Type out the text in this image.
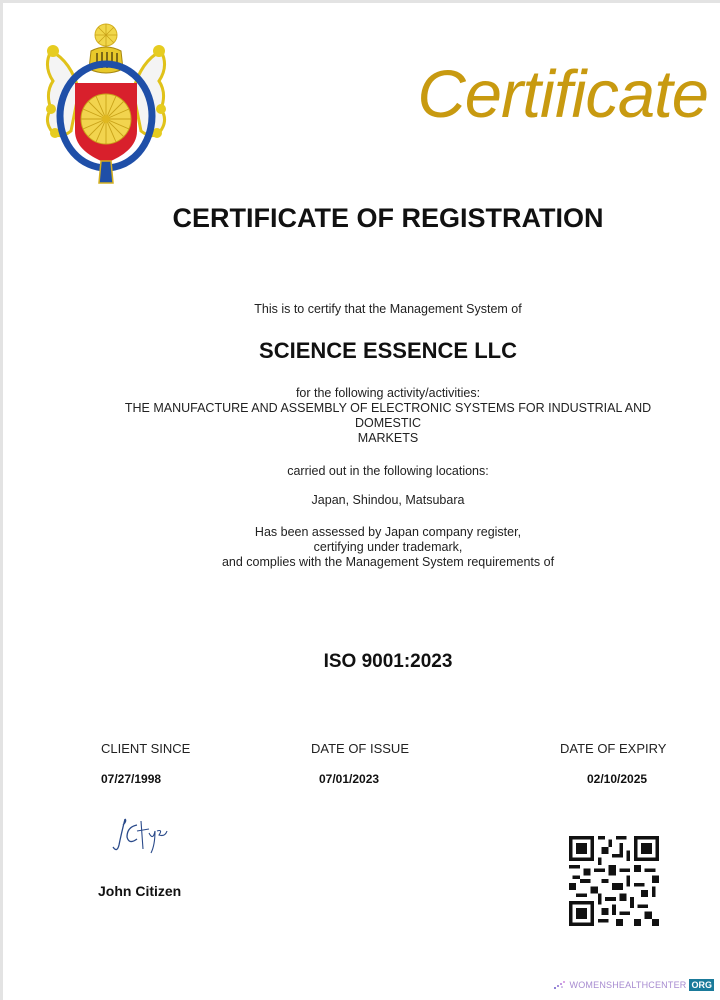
Certificate
CERTIFICATE OF REGISTRATION
This is to certify that the Management System of
SCIENCE ESSENCE LLC
for the following activity/activities:
THE MANUFACTURE AND ASSEMBLY OF ELECTRONIC SYSTEMS FOR INDUSTRIAL AND
DOMESTIC
MARKETS
carried out in the following locations:
Japan, Shindou, Matsubara
Has been assessed by Japan company register,
certifying under trademark,
and complies with the Management System requirements of
ISO 9001:2023
CLIENT SINCE
07/27/1998
DATE OF ISSUE
07/01/2023
DATE OF EXPIRY
02/10/2025
John Citizen
WOMENSHEALTHCENTER ORG
